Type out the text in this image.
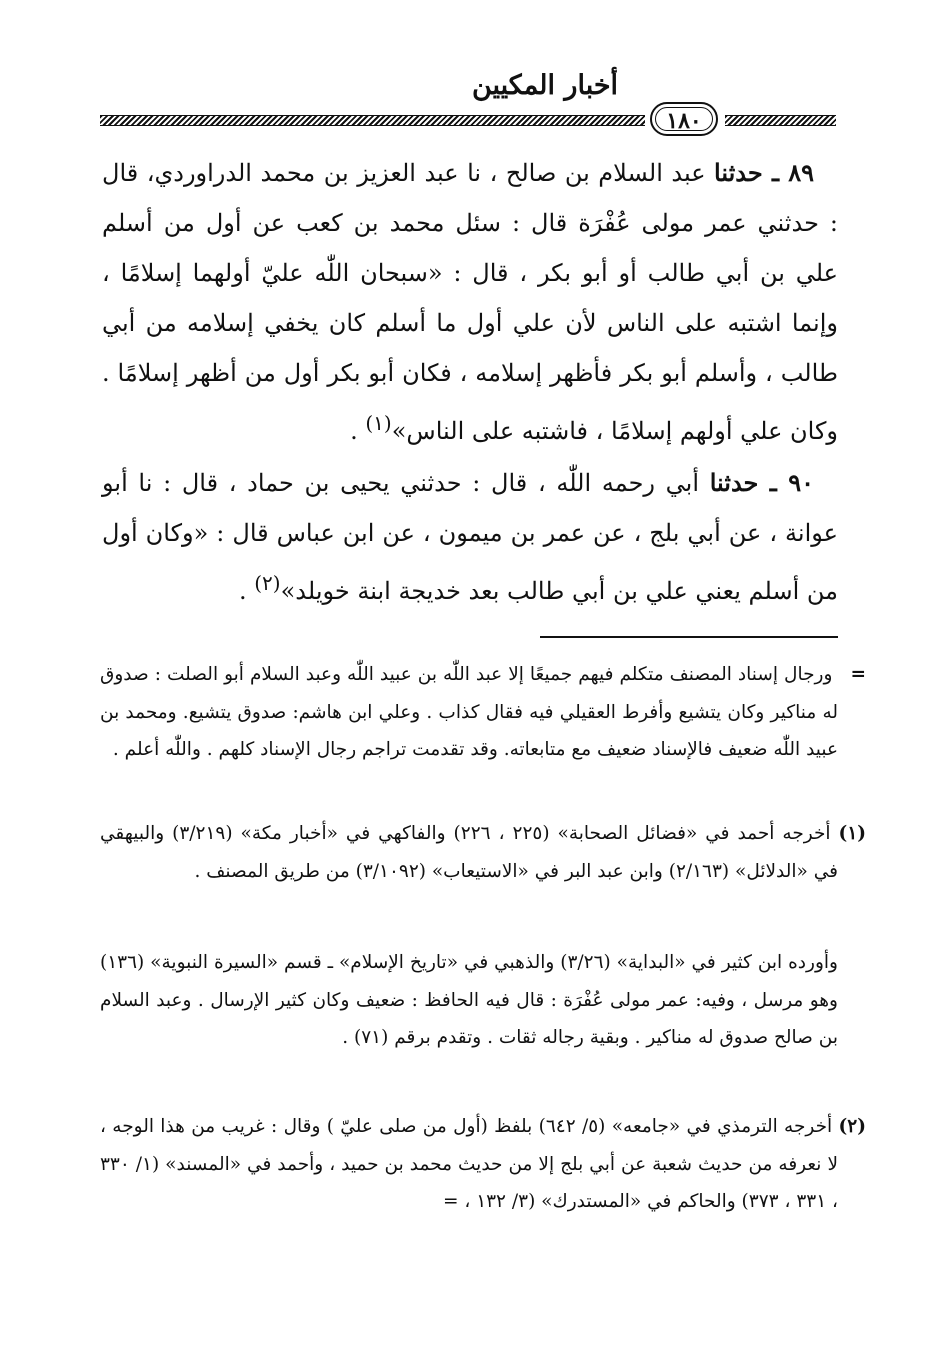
أخبار المكيين
١٨٠

٨٩ ـ حدثنا عبد السلام بن صالح ، نا عبد العزيز بن محمد الدراوردي، قال : حدثني عمر مولى عُفْرَة قال : سئل محمد بن كعب عن أول من أسلم علي بن أبي طالب أو أبو بكر ، قال : «سبحان اللّٰه عليّ أولهما إسلامًا ، وإنما اشتبه على الناس لأن علي أول ما أسلم كان يخفي إسلامه من أبي طالب ، وأسلم أبو بكر فأظهر إسلامه ، فكان أبو بكر أول من أظهر إسلامًا . وكان علي أولهم إسلامًا ، فاشتبه على الناس»$^{(١)}$ .

٩٠ ـ حدثنا أبي رحمه اللّٰه ، قال : حدثني يحيى بن حماد ، قال : نا أبو عوانة ، عن أبي بلج ، عن عمر بن ميمون ، عن ابن عباس قال : «وكان أول من أسلم يعني علي بن أبي طالب بعد خديجة ابنة خويلد»$^{(٢)}$ .

=   ورجال إسناد المصنف متكلم فيهم جميعًا إلا عبد اللّٰه بن عبيد اللّٰه وعبد السلام أبو الصلت : صدوق له مناكير وكان يتشيع وأفرط العقيلي فيه فقال كذاب . وعلي ابن هاشم: صدوق يتشيع. ومحمد بن عبيد اللّٰه ضعيف فالإسناد ضعيف مع متابعاته. وقد تقدمت تراجم رجال الإسناد كلهم . واللّٰه أعلم .

(١) أخرجه أحمد في «فضائل الصحابة» (٢٢٥ ، ٢٢٦) والفاكهي في «أخبار مكة» (٣/٢١٩) والبيهقي في «الدلائل» (٢/١٦٣) وابن عبد البر في «الاستيعاب» (٣/١٠٩٢) من طريق المصنف .

وأورده ابن كثير في «البداية» (٣/٢٦) والذهبي في «تاريخ الإسلام» ـ قسم «السيرة النبوية» (١٣٦) وهو مرسل ، وفيه: عمر مولى عُفْرَة : قال فيه الحافظ : ضعيف وكان كثير الإرسال . وعبد السلام بن صالح صدوق له مناكير . وبقية رجاله ثقات . وتقدم برقم (٧١) .

(٢) أخرجه الترمذي في «جامعه» (٥/ ٦٤٢) بلفظ (أول من صلى عليّ ) وقال : غريب من هذا الوجه ، لا نعرفه من حديث شعبة عن أبي بلج إلا من حديث محمد بن حميد ، وأحمد في «المسند» (١/ ٣٣٠ ، ٣٣١ ، ٣٧٣) والحاكم في «المستدرك» (٣/ ١٣٢ ، =
